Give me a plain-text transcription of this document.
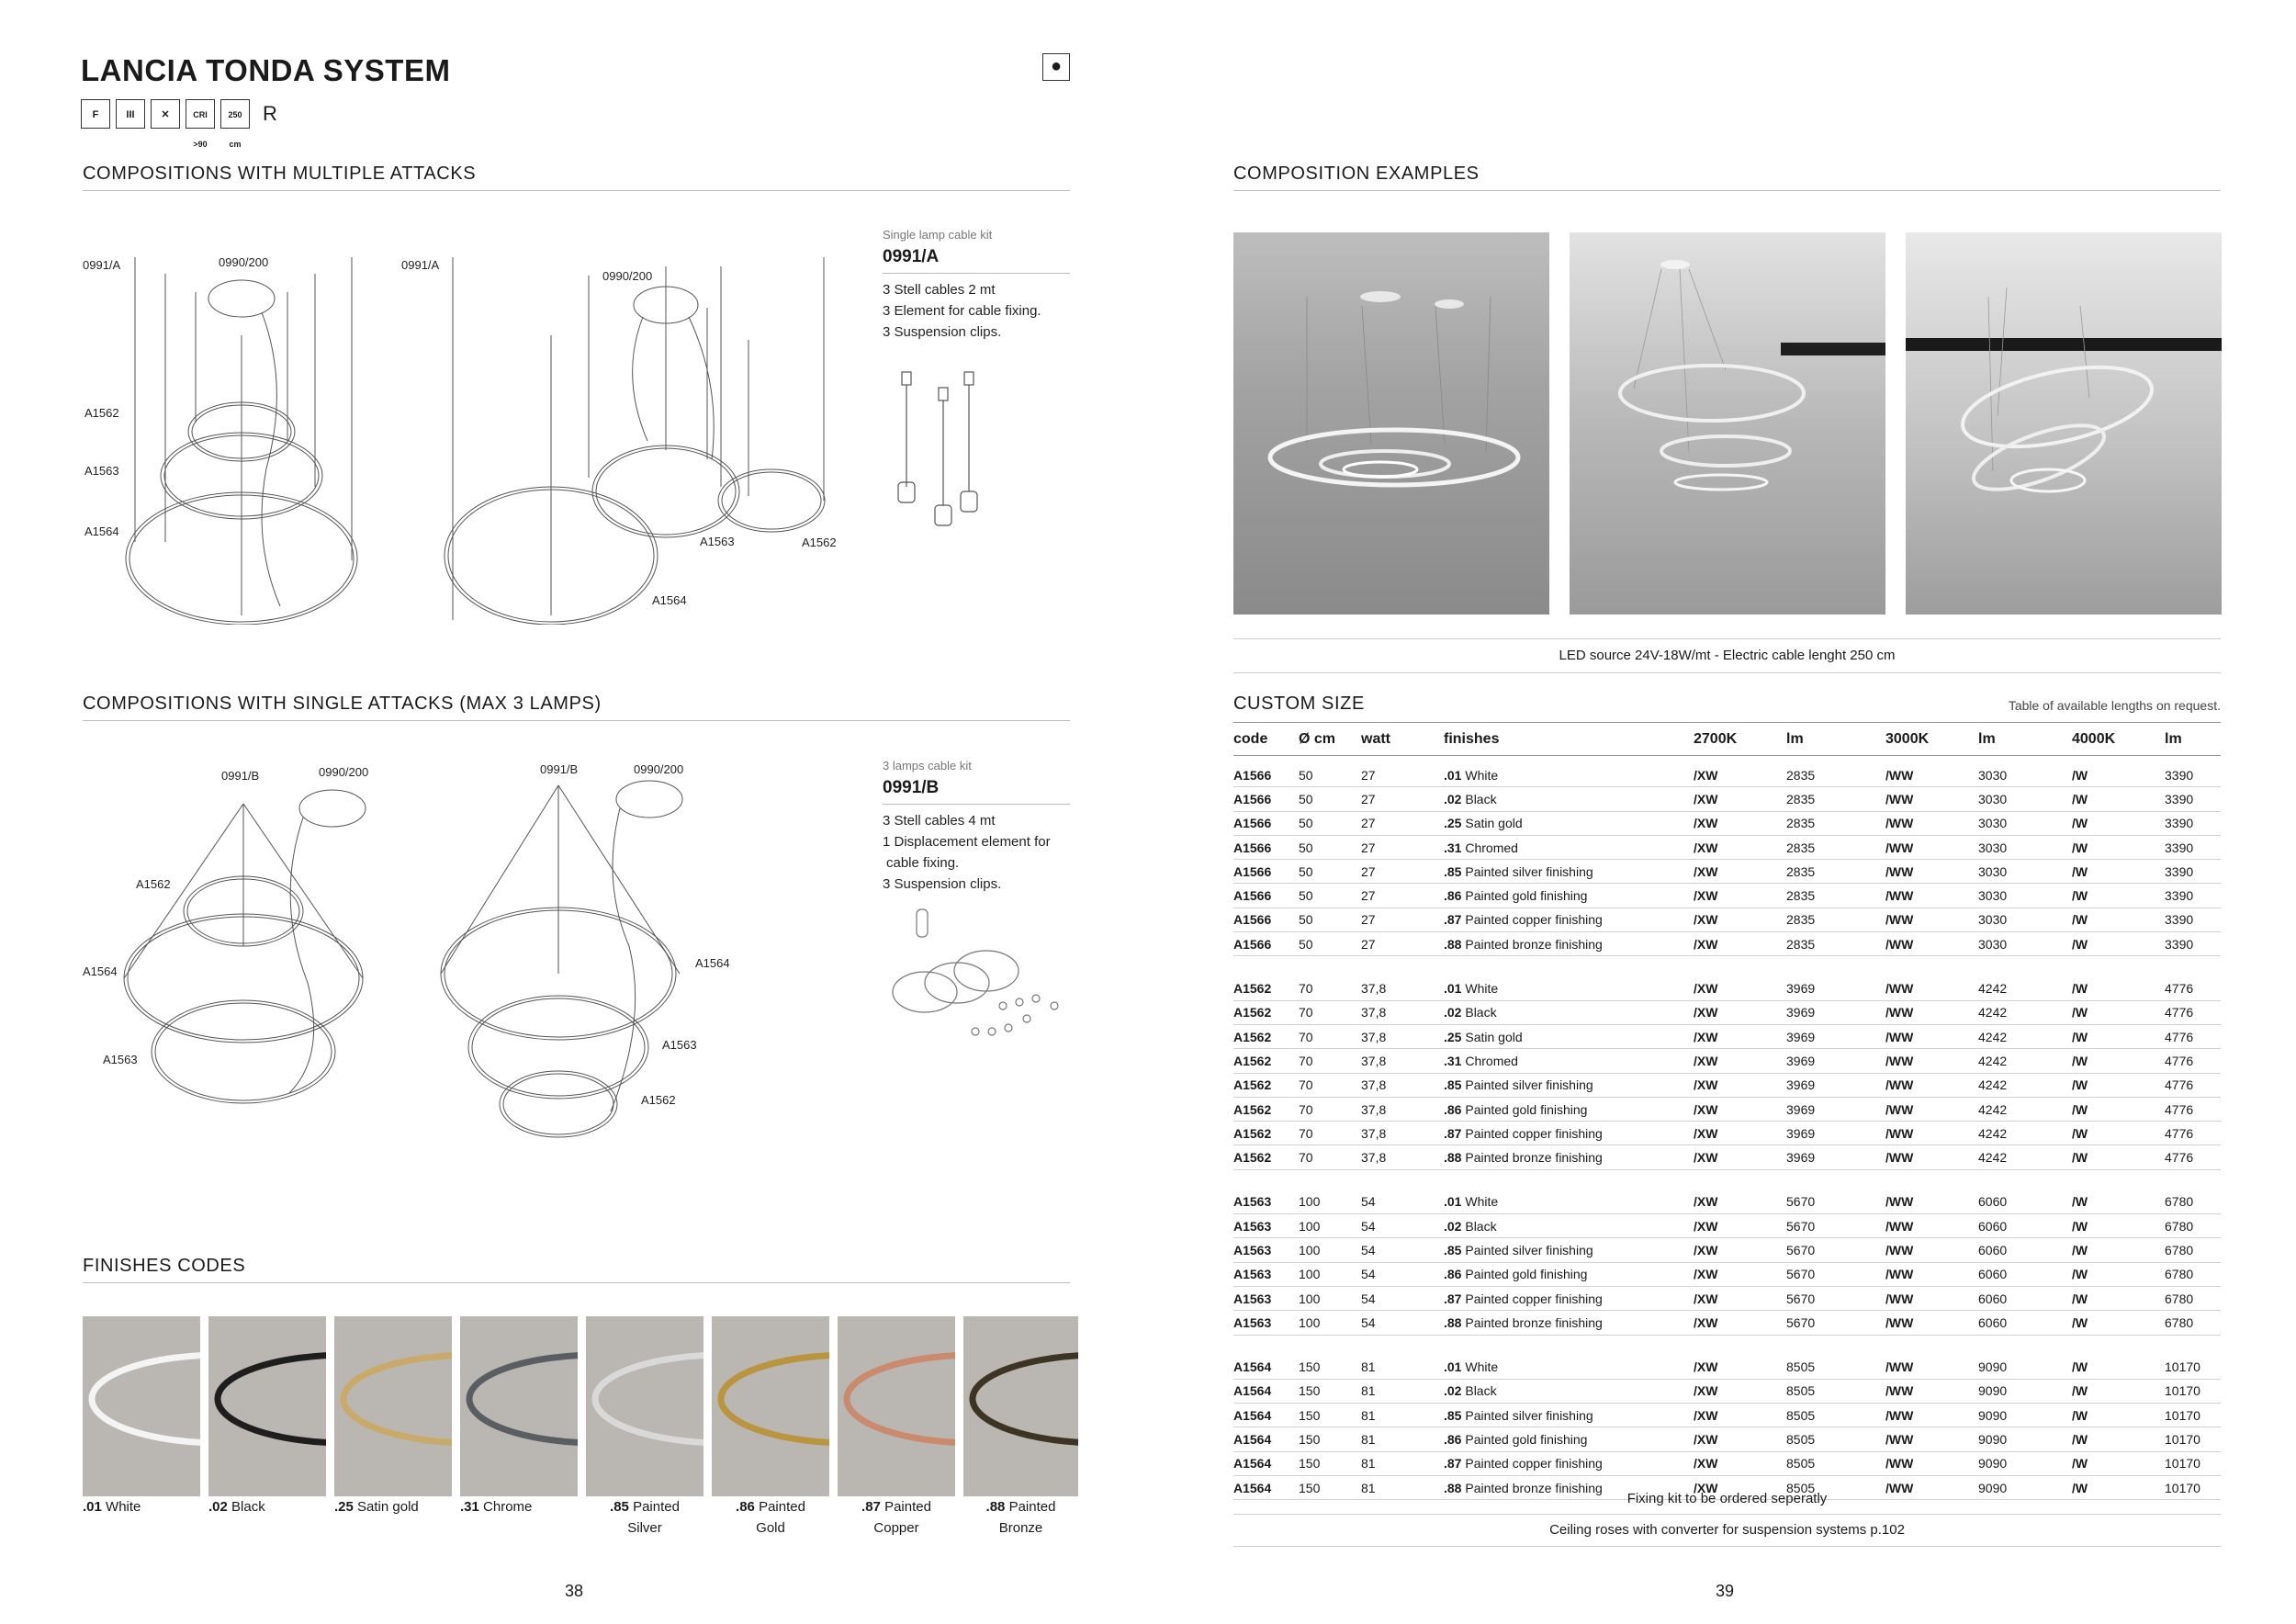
LANCIA TONDA SYSTEM	●
F	III	✕	CRI >90
250 cm
R
COMPOSITIONS WITH MULTIPLE ATTACKS
0991/A	0990/200
A1562
A1563
A1564
0991/A
0990/200
A1563	A1562
A1564
Single lamp cable kit
0991/A
3 Stell cables 2 mt
3 Element for cable fixing.
3 Suspension clips.
COMPOSITIONS WITH SINGLE ATTACKS (MAX 3 LAMPS)
0991/B	0990/200
A1562
A1564
A1563
0991/B	0990/200
A1564
A1563
A1562
3 lamps cable kit
0991/B
3 Stell cables 4 mt
1 Displacement element for
cable fixing.
3 Suspension clips.
FINISHES CODES
.01 White	.02 Black	.25 Satin gold	.31 Chrome	.85 Painted
Silver
.86 Painted
Gold
.87 Painted
Copper
.88 Painted
Bronze
38
COMPOSITION EXAMPLES
LED source 24V-18W/mt - Electric cable lenght 250 cm
CUSTOM SIZE	Table of available lengths on request.
code	Ø cm	watt	finishes	2700K	lm	3000K	lm	4000K	lm

A1566	50	27	.01 White	/XW	2835	/WW	3030	/W	3390
A1566	50	27	.02 Black	/XW	2835	/WW	3030	/W	3390
A1566	50	27	.25 Satin gold	/XW	2835	/WW	3030	/W	3390
A1566	50	27	.31 Chromed	/XW	2835	/WW	3030	/W	3390
A1566	50	27	.85 Painted silver finishing	/XW	2835	/WW	3030	/W	3390
A1566	50	27	.86 Painted gold finishing	/XW	2835	/WW	3030	/W	3390
A1566	50	27	.87 Painted copper finishing	/XW	2835	/WW	3030	/W	3390
A1566	50	27	.88 Painted bronze finishing	/XW	2835	/WW	3030	/W	3390

A1562	70	37,8	.01 White	/XW	3969	/WW	4242	/W	4776
A1562	70	37,8	.02 Black	/XW	3969	/WW	4242	/W	4776
A1562	70	37,8	.25 Satin gold	/XW	3969	/WW	4242	/W	4776
A1562	70	37,8	.31 Chromed	/XW	3969	/WW	4242	/W	4776
A1562	70	37,8	.85 Painted silver finishing	/XW	3969	/WW	4242	/W	4776
A1562	70	37,8	.86 Painted gold finishing	/XW	3969	/WW	4242	/W	4776
A1562	70	37,8	.87 Painted copper finishing	/XW	3969	/WW	4242	/W	4776
A1562	70	37,8	.88 Painted bronze finishing	/XW	3969	/WW	4242	/W	4776

A1563	100	54	.01 White	/XW	5670	/WW	6060	/W	6780
A1563	100	54	.02 Black	/XW	5670	/WW	6060	/W	6780
A1563	100	54	.85 Painted silver finishing	/XW	5670	/WW	6060	/W	6780
A1563	100	54	.86 Painted gold finishing	/XW	5670	/WW	6060	/W	6780
A1563	100	54	.87 Painted copper finishing	/XW	5670	/WW	6060	/W	6780
A1563	100	54	.88 Painted bronze finishing	/XW	5670	/WW	6060	/W	6780

A1564	150	81	.01 White	/XW	8505	/WW	9090	/W	10170
A1564	150	81	.02 Black	/XW	8505	/WW	9090	/W	10170
A1564	150	81	.85 Painted silver finishing	/XW	8505	/WW	9090	/W	10170
A1564	150	81	.86 Painted gold finishing	/XW	8505	/WW	9090	/W	10170
A1564	150	81	.87 Painted copper finishing	/XW	8505	/WW	9090	/W	10170
A1564	150	81	.88 Painted bronze finishing	/XW	8505	/WW	9090	/W	10170
Fixing kit to be ordered seperatly
Ceiling roses with converter for suspension systems p.102
39
